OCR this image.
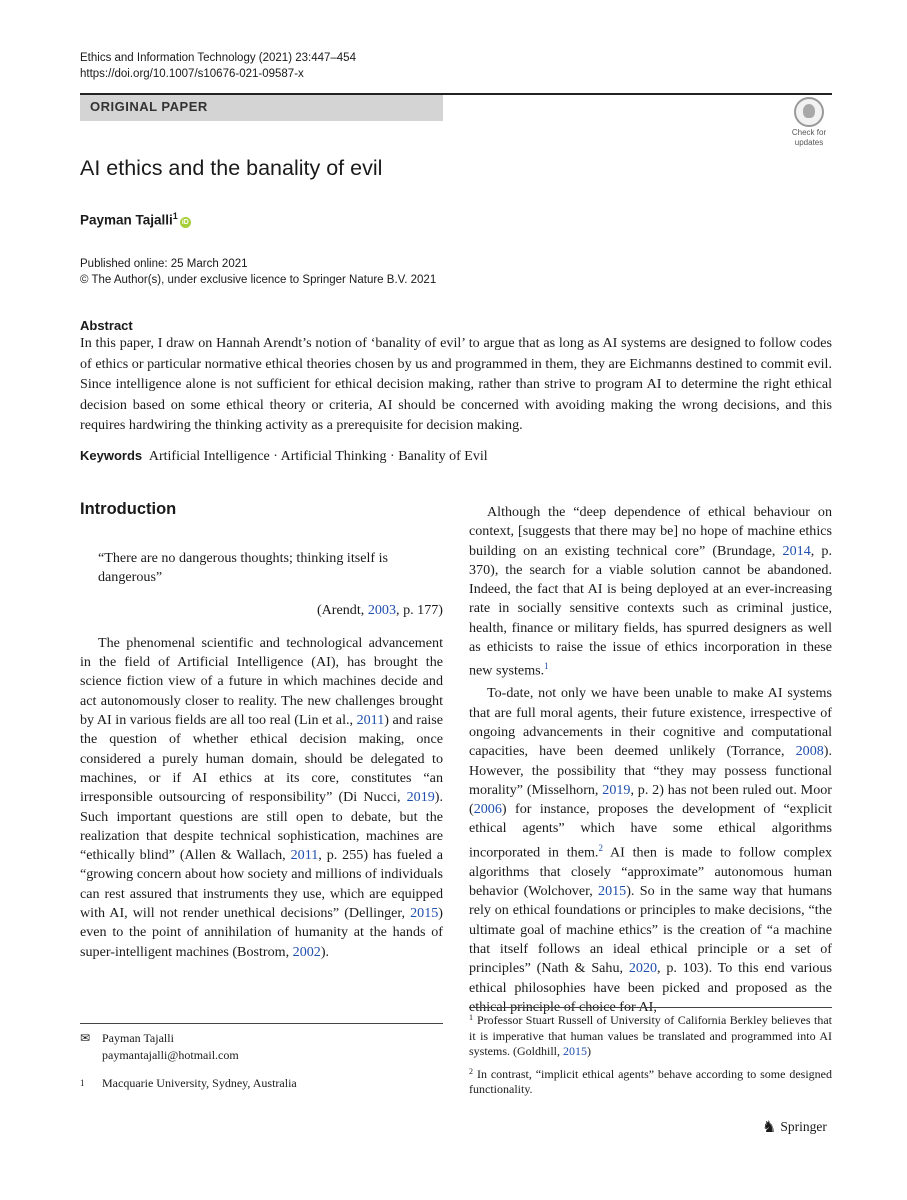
Ethics and Information Technology (2021) 23:447–454
https://doi.org/10.1007/s10676-021-09587-x
ORIGINAL PAPER
Check for
updates
AI ethics and the banality of evil
Payman Tajalli$^1$iD
Published online: 25 March 2021
© The Author(s), under exclusive licence to Springer Nature B.V. 2021
Abstract
In this paper, I draw on Hannah Arendt’s notion of ‘banality of evil’ to argue that as long as AI systems are designed to follow codes of ethics or particular normative ethical theories chosen by us and programmed in them, they are Eichmanns destined to commit evil. Since intelligence alone is not sufficient for ethical decision making, rather than strive to program AI to determine the right ethical decision based on some ethical theory or criteria, AI should be concerned with avoiding making the wrong decisions, and this requires hardwiring the thinking activity as a prerequisite for decision making.
Keywords Artificial Intelligence · Artificial Thinking · Banality of Evil
Introduction
“There are no dangerous thoughts; thinking itself is dangerous”
(Arendt, 2003, p. 177)

The phenomenal scientific and technological advancement in the field of Artificial Intelligence (AI), has brought the science fiction view of a future in which machines decide and act autonomously closer to reality. The new challenges brought by AI in various fields are all too real (Lin et al., 2011) and raise the question of whether ethical decision making, once considered a purely human domain, should be delegated to machines, or if AI ethics at its core, constitutes “an irresponsible outsourcing of responsibility” (Di Nucci, 2019). Such important questions are still open to debate, but the realization that despite technical sophistication, machines are “ethically blind” (Allen & Wallach, 2011, p. 255) has fueled a “growing concern about how society and millions of individuals can rest assured that instruments they use, which are equipped with AI, will not render unethical decisions” (Dellinger, 2015) even to the point of annihilation of humanity at the hands of super-intelligent machines (Bostrom, 2002).

Although the “deep dependence of ethical behaviour on context, [suggests that there may be] no hope of machine ethics building on an existing technical core” (Brundage, 2014, p. 370), the search for a viable solution cannot be abandoned. Indeed, the fact that AI is being deployed at an ever-increasing rate in socially sensitive contexts such as criminal justice, health, finance or military fields, has spurred designers as well as ethicists to raise the issue of ethics incorporation in these new systems.$^1$

To-date, not only we have been unable to make AI systems that are full moral agents, their future existence, irrespective of ongoing advancements in their cognitive and computational capacities, have been deemed unlikely (Torrance, 2008). However, the possibility that “they may possess functional morality” (Misselhorn, 2019, p. 2) has not been ruled out. Moor (2006) for instance, proposes the development of “explicit ethical agents” which have some ethical algorithms incorporated in them.$^2$ AI then is made to follow complex algorithms that closely “approximate” autonomous human behavior (Wolchover, 2015). So in the same way that humans rely on ethical foundations or principles to make decisions, “the ultimate goal of machine ethics” is the creation of “a machine that itself follows an ideal ethical principle or a set of principles” (Nath & Sahu, 2020, p. 103). To this end various ethical philosophies have been picked and proposed as the ethical principle of choice for AI,

✉ Payman Tajalli
paymantajalli@hotmail.com
1	Macquarie University, Sydney, Australia
$^1$ Professor Stuart Russell of University of California Berkley believes that it is imperative that human values be translated and programmed into AI systems. (Goldhill, 2015)
$^2$ In contrast, “implicit ethical agents” behave according to some designed functionality.
♞ Springer
